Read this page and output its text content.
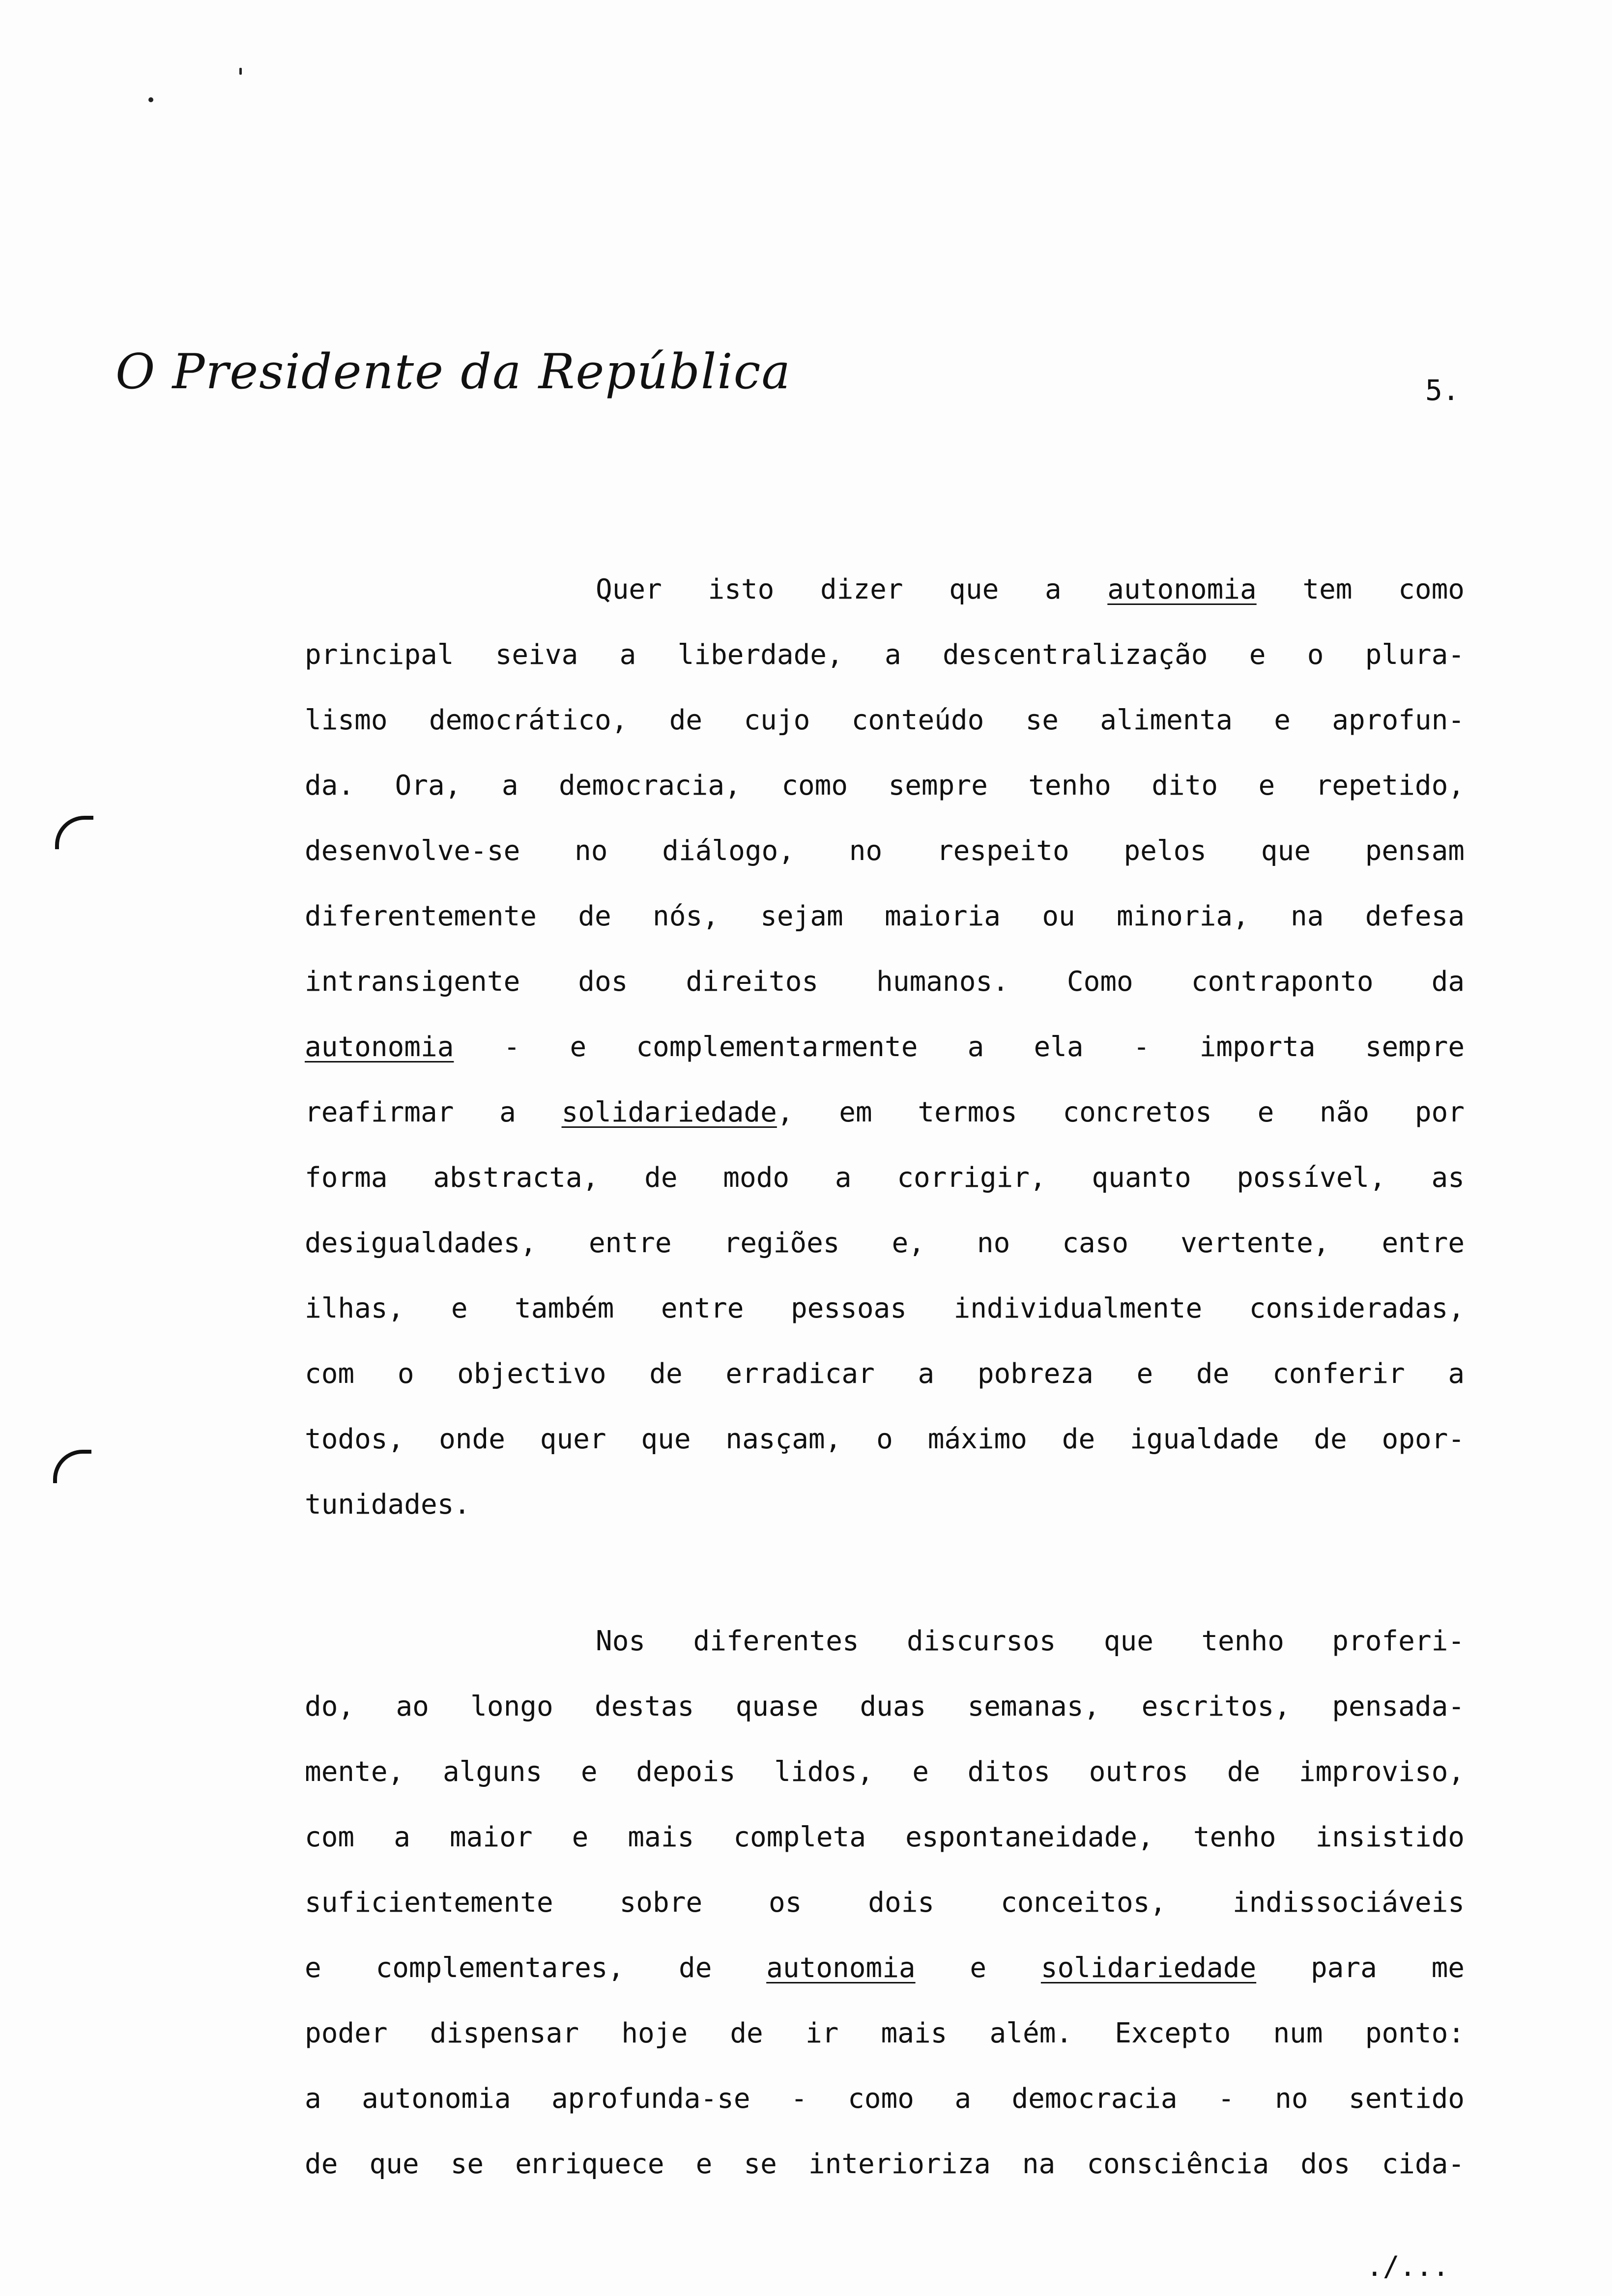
O Presidente da República	5.
Quer isto dizer que a autonomia tem como
principal seiva a liberdade, a descentralização e o plura-
lismo democrático, de cujo conteúdo se alimenta e aprofun-
da. Ora, a democracia, como sempre tenho dito e repetido,
desenvolve-se no diálogo, no respeito pelos que pensam
diferentemente de nós, sejam maioria ou minoria, na defesa
intransigente dos direitos humanos. Como contraponto da
autonomia - e complementarmente a ela - importa sempre
reafirmar a solidariedade, em termos concretos e não por
forma abstracta, de modo a corrigir, quanto possível, as
desigualdades, entre regiões e, no caso vertente, entre
ilhas, e também entre pessoas individualmente consideradas,
com o objectivo de erradicar a pobreza e de conferir a
todos, onde quer que nasçam, o máximo de igualdade de opor-
tunidades.
Nos diferentes discursos que tenho proferi-
do, ao longo destas quase duas semanas, escritos, pensada-
mente, alguns e depois lidos, e ditos outros de improviso,
com a maior e mais completa espontaneidade, tenho insistido
suficientemente sobre os dois conceitos, indissociáveis
e complementares, de autonomia e solidariedade para me
poder dispensar hoje de ir mais além. Excepto num ponto:
a autonomia aprofunda-se - como a democracia - no sentido
de que se enriquece e se interioriza na consciência dos cida-
./...
